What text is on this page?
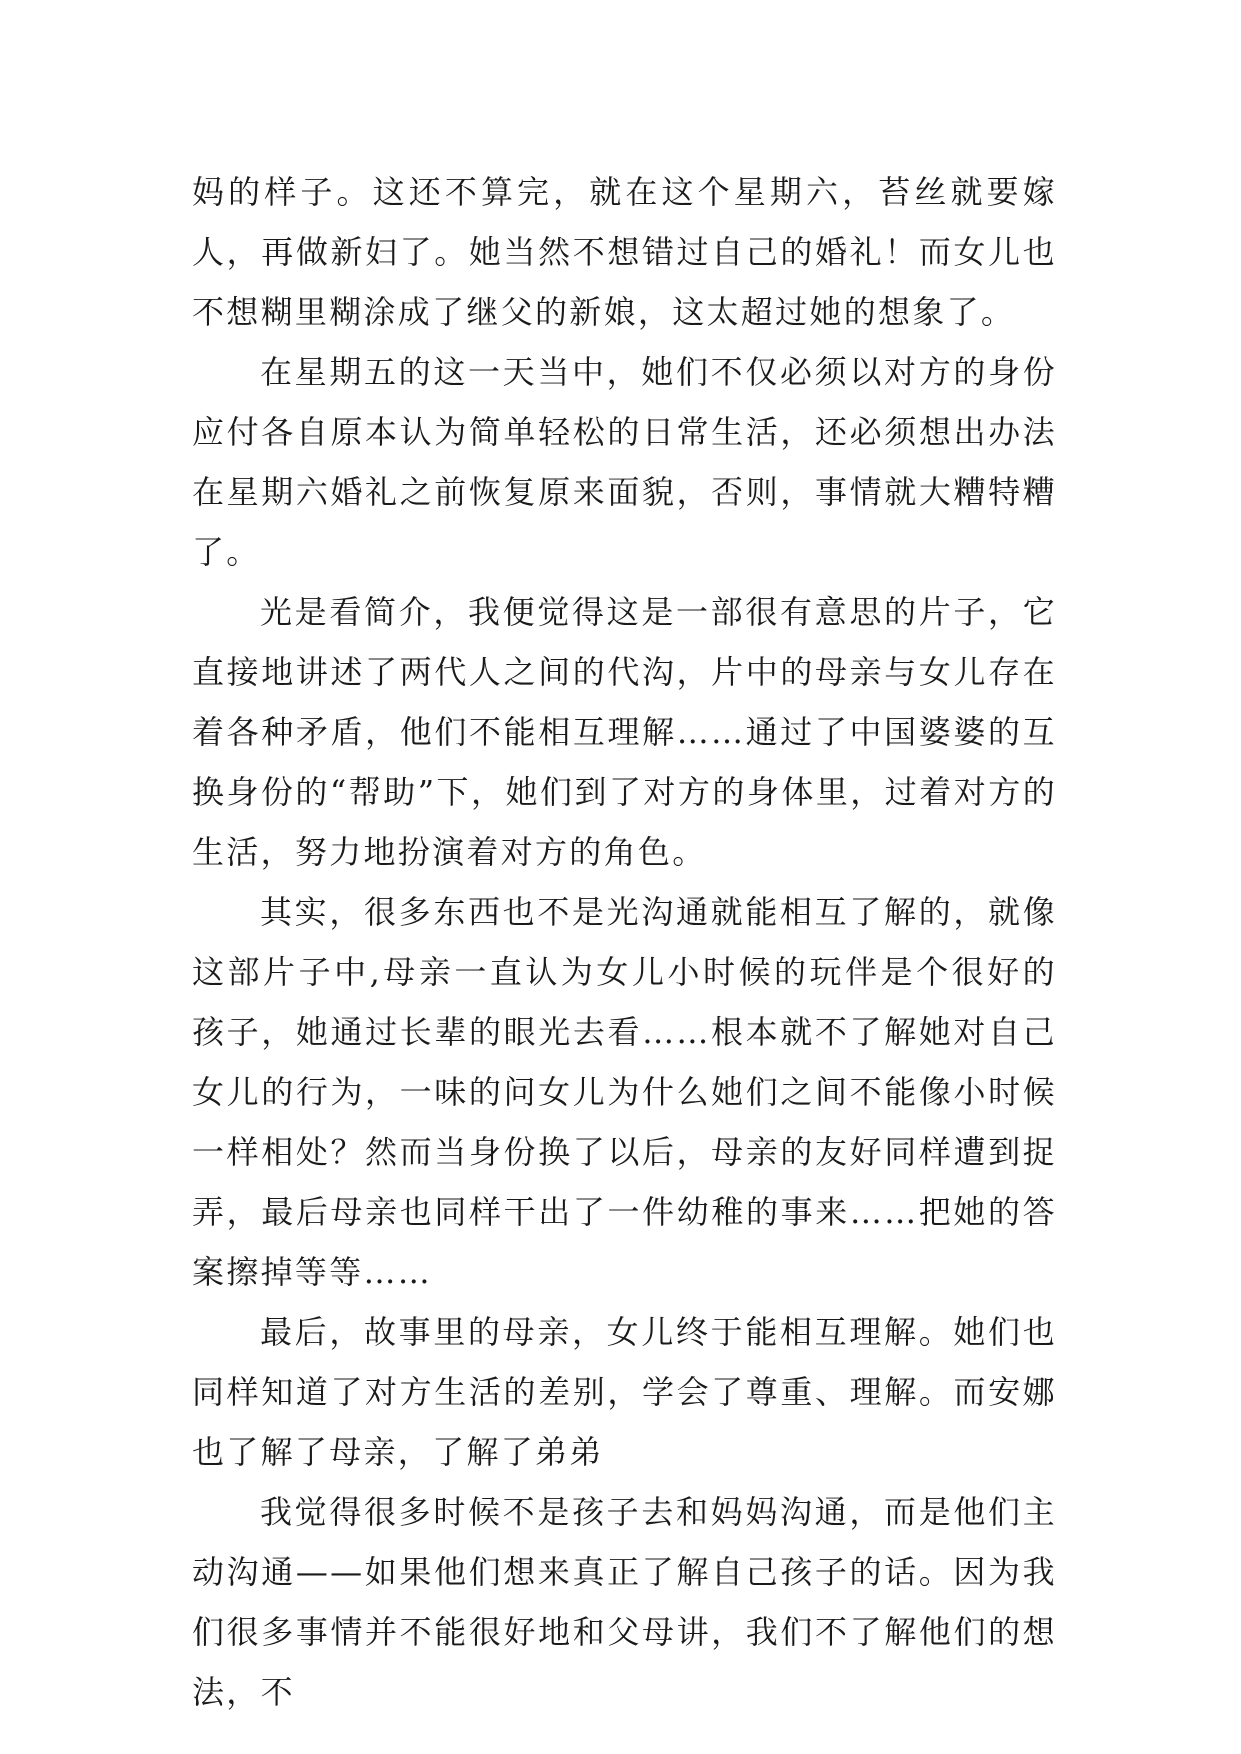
妈的样子。这还不算完，就在这个星期六，苔丝就要嫁人，再做新妇了。她当然不想错过自己的婚礼！而女儿也不想糊里糊涂成了继父的新娘，这太超过她的想象了。

在星期五的这一天当中，她们不仅必须以对方的身份应付各自原本认为简单轻松的日常生活，还必须想出办法在星期六婚礼之前恢复原来面貌，否则，事情就大糟特糟了。

光是看简介，我便觉得这是一部很有意思的片子，它直接地讲述了两代人之间的代沟，片中的母亲与女儿存在着各种矛盾，他们不能相互理解……通过了中国婆婆的互换身份的“帮助”下，她们到了对方的身体里，过着对方的生活，努力地扮演着对方的角色。

其实，很多东西也不是光沟通就能相互了解的，就像这部片子中,母亲一直认为女儿小时候的玩伴是个很好的孩子，她通过长辈的眼光去看……根本就不了解她对自己女儿的行为，一味的问女儿为什么她们之间不能像小时候一样相处？然而当身份换了以后，母亲的友好同样遭到捉弄，最后母亲也同样干出了一件幼稚的事来……把她的答案擦掉等等……

最后，故事里的母亲，女儿终于能相互理解。她们也同样知道了对方生活的差别，学会了尊重、理解。而安娜也了解了母亲，了解了弟弟

我觉得很多时候不是孩子去和妈妈沟通，而是他们主动沟通——如果他们想来真正了解自己孩子的话。因为我们很多事情并不能很好地和父母讲，我们不了解他们的想法，不
